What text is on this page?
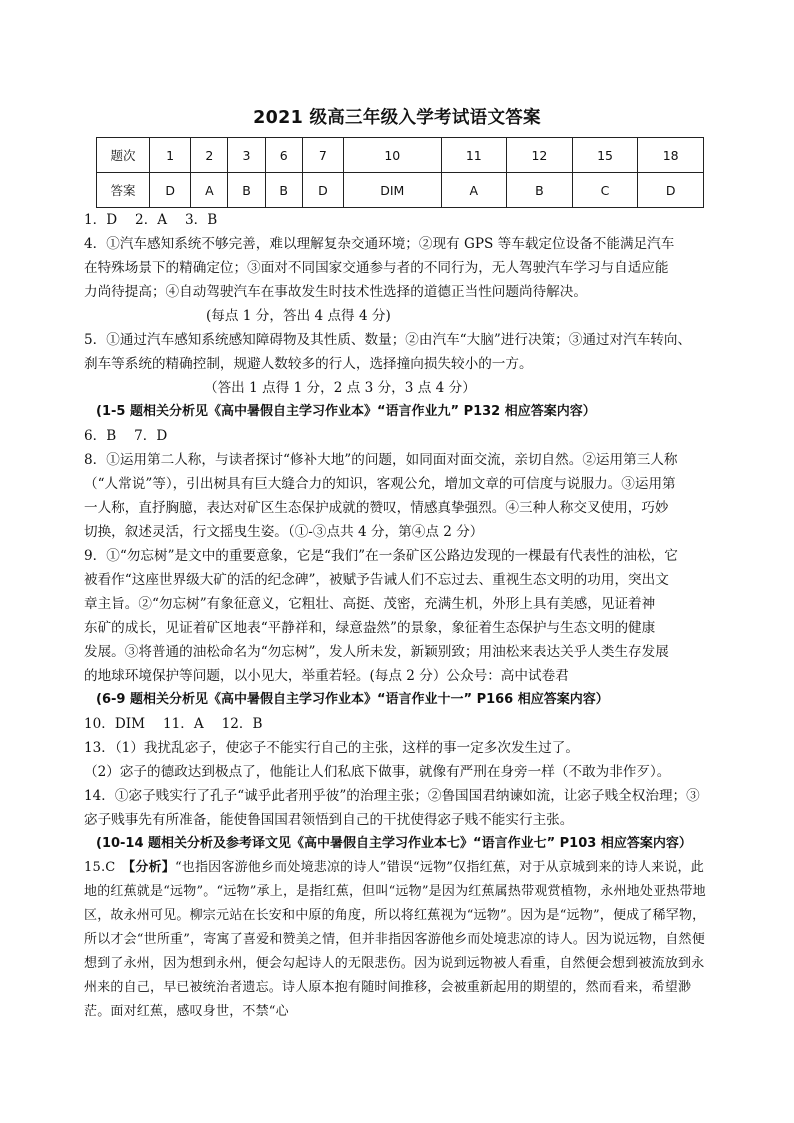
2021 级高三年级入学考试语文答案
题次	1	2	3	6	7	10	11	12	15	18
答案	D	A	B	B	D	DIM	A	B	C	D

1．D　 2．A　 3．B

4．①汽车感知系统不够完善，难以理解复杂交通环境；②现有 GPS 等车载定位设备不能满足汽车

在特殊场景下的精确定位；③面对不同国家交通参与者的不同行为，无人驾驶汽车学习与自适应能

力尚待提高；④自动驾驶汽车在事故发生时技术性选择的道德正当性问题尚待解决。

(每点 1 分，答出 4 点得 4 分)

5．①通过汽车感知系统感知障碍物及其性质、数量；②由汽车“大脑”进行决策；③通过对汽车转向、

刹车等系统的精确控制，规避人数较多的行人，选择撞向损失较小的一方。

（答出 1 点得 1 分，2 点 3 分，3 点 4 分）

(1-5 题相关分析见《高中暑假自主学习作业本》“语言作业九” P132 相应答案内容）

6．B　 7．D

8．①运用第二人称，与读者探讨“修补大地”的问题，如同面对面交流，亲切自然。②运用第三人称

（“人常说”等），引出树具有巨大缝合力的知识，客观公允，增加文章的可信度与说服力。③运用第

一人称，直抒胸臆，表达对矿区生态保护成就的赞叹，情感真挚强烈。④三种人称交叉使用，巧妙

切换，叙述灵活，行文摇曳生姿。（①-③点共 4 分，第④点 2 分）

9．①“勿忘树”是文中的重要意象，它是“我们”在一条矿区公路边发现的一棵最有代表性的油松，它

被看作“这座世界级大矿的活的纪念碑”，被赋予告诫人们不忘过去、重视生态文明的功用，突出文

章主旨。②“勿忘树”有象征意义，它粗壮、高挺、茂密，充满生机，外形上具有美感，见证着神

东矿的成长，见证着矿区地表“平静祥和，绿意盎然”的景象，象征着生态保护与生态文明的健康

发展。③将普通的油松命名为“勿忘树”，发人所未发，新颖别致；用油松来表达关乎人类生存发展

的地球环境保护等问题，以小见大，举重若轻。(每点 2 分）公众号：高中试卷君

(6-9 题相关分析见《高中暑假自主学习作业本》“语言作业十一” P166 相应答案内容）

10．DIM　 11．A　 12．B

13．（1）我扰乱宓子，使宓子不能实行自己的主张，这样的事一定多次发生过了。

（2）宓子的德政达到极点了，他能让人们私底下做事，就像有严刑在身旁一样（不敢为非作歹）。

14．①宓子贱实行了孔子“诚乎此者刑乎彼”的治理主张；②鲁国国君纳谏如流，让宓子贱全权治理；③

宓子贱事先有所准备，能使鲁国国君领悟到自己的干扰使得宓子贱不能实行主张。

(10-14 题相关分析及参考译文见《高中暑假自主学习作业本七》“语言作业七” P103 相应答案内容）

15.C　【分析】“也指因客游他乡而处境悲凉的诗人”错误“远物”仅指红蕉，对于从京城到来的诗人来说，此地的红蕉就是“远物”。“远物”承上，是指红蕉，但叫“远物”是因为红蕉属热带观赏植物，永州地处亚热带地区，故永州可见。柳宗元站在长安和中原的角度，所以将红蕉视为“远物”。因为是“远物”，便成了稀罕物，所以才会“世所重”，寄寓了喜爱和赞美之情，但并非指因客游他乡而处境悲凉的诗人。因为说远物，自然便想到了永州，因为想到永州，便会勾起诗人的无限悲伤。因为说到远物被人看重，自然便会想到被流放到永州来的自己，早已被统治者遗忘。诗人原本抱有随时间推移，会被重新起用的期望的，然而看来，希望渺茫。面对红蕉，感叹身世，不禁“心
